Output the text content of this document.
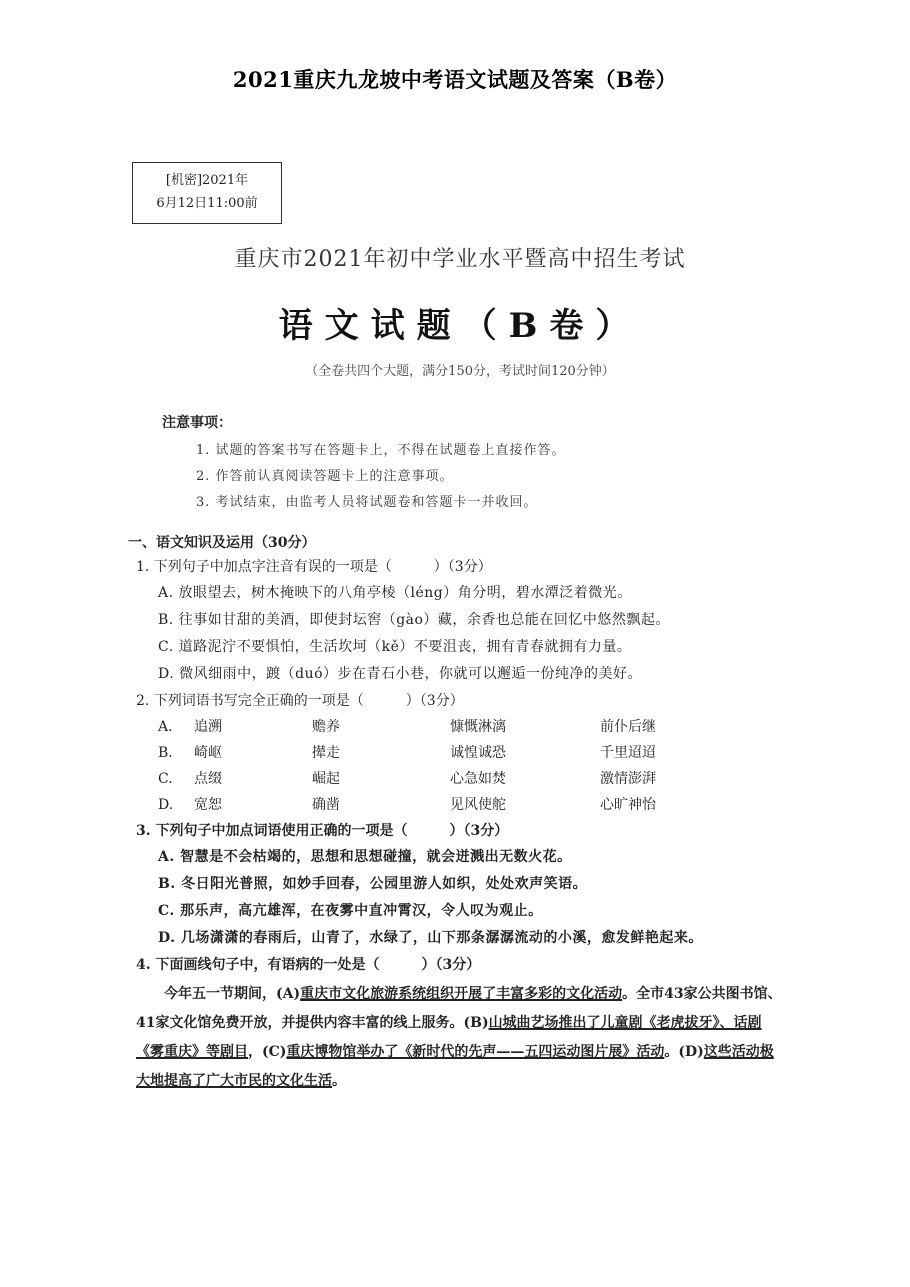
2021重庆九龙坡中考语文试题及答案（B卷）
[机密]2021年
6月12日11:00前
重庆市2021年初中学业水平暨高中招生考试
语文试题（B卷）
（全卷共四个大题，满分150分，考试时间120分钟）
注意事项：
1. 试题的答案书写在答题卡上，不得在试题卷上直接作答。
2. 作答前认真阅读答题卡上的注意事项。
3. 考试结束，由监考人员将试题卷和答题卡一并收回。
一、语文知识及运用（30分）
1. 下列句子中加点字注音有误的一项是（　　　）（3分）
A. 放眼望去，树木掩映下的八角亭棱（léng）角分明，碧水潭泛着微光。
B. 往事如甘甜的美酒，即使封坛窖（gào）藏，余香也总能在回忆中悠然飘起。
C. 道路泥泞不要惧怕，生活坎坷（kě）不要沮丧，拥有青春就拥有力量。
D. 微风细雨中，踱（duó）步在青石小巷，你就可以邂逅一份纯净的美好。
2. 下列词语书写完全正确的一项是（　　　）（3分）
A.	追溯	赡养	慷慨淋漓	前仆后继
B.	崎岖	撵走	诚惶诚恐	千里迢迢
C.	点缀	崛起	心急如焚	激情澎湃
D.	宽恕	确凿	见风使舵	心旷神怡
3. 下列句子中加点词语使用正确的一项是（　　　）（3分）
A. 智慧是不会枯竭的，思想和思想碰撞，就会迸溅出无数火花。
B. 冬日阳光普照，如妙手回春，公园里游人如织，处处欢声笑语。
C. 那乐声，高亢雄浑，在夜雾中直冲霄汉，令人叹为观止。
D. 几场潇潇的春雨后，山青了，水绿了，山下那条潺潺流动的小溪，愈发鲜艳起来。
4. 下面画线句子中，有语病的一处是（　　　）（3分）
今年五一节期间，(A)重庆市文化旅游系统组织开展了丰富多彩的文化活动。全市43家公共图书馆、41家文化馆免费开放，并提供内容丰富的线上服务。(B)山城曲艺场推出了儿童剧《老虎拔牙》、话剧《雾重庆》等剧目，(C)重庆博物馆举办了《新时代的先声——五四运动图片展》活动。(D)这些活动极大地提高了广大市民的文化生活。
